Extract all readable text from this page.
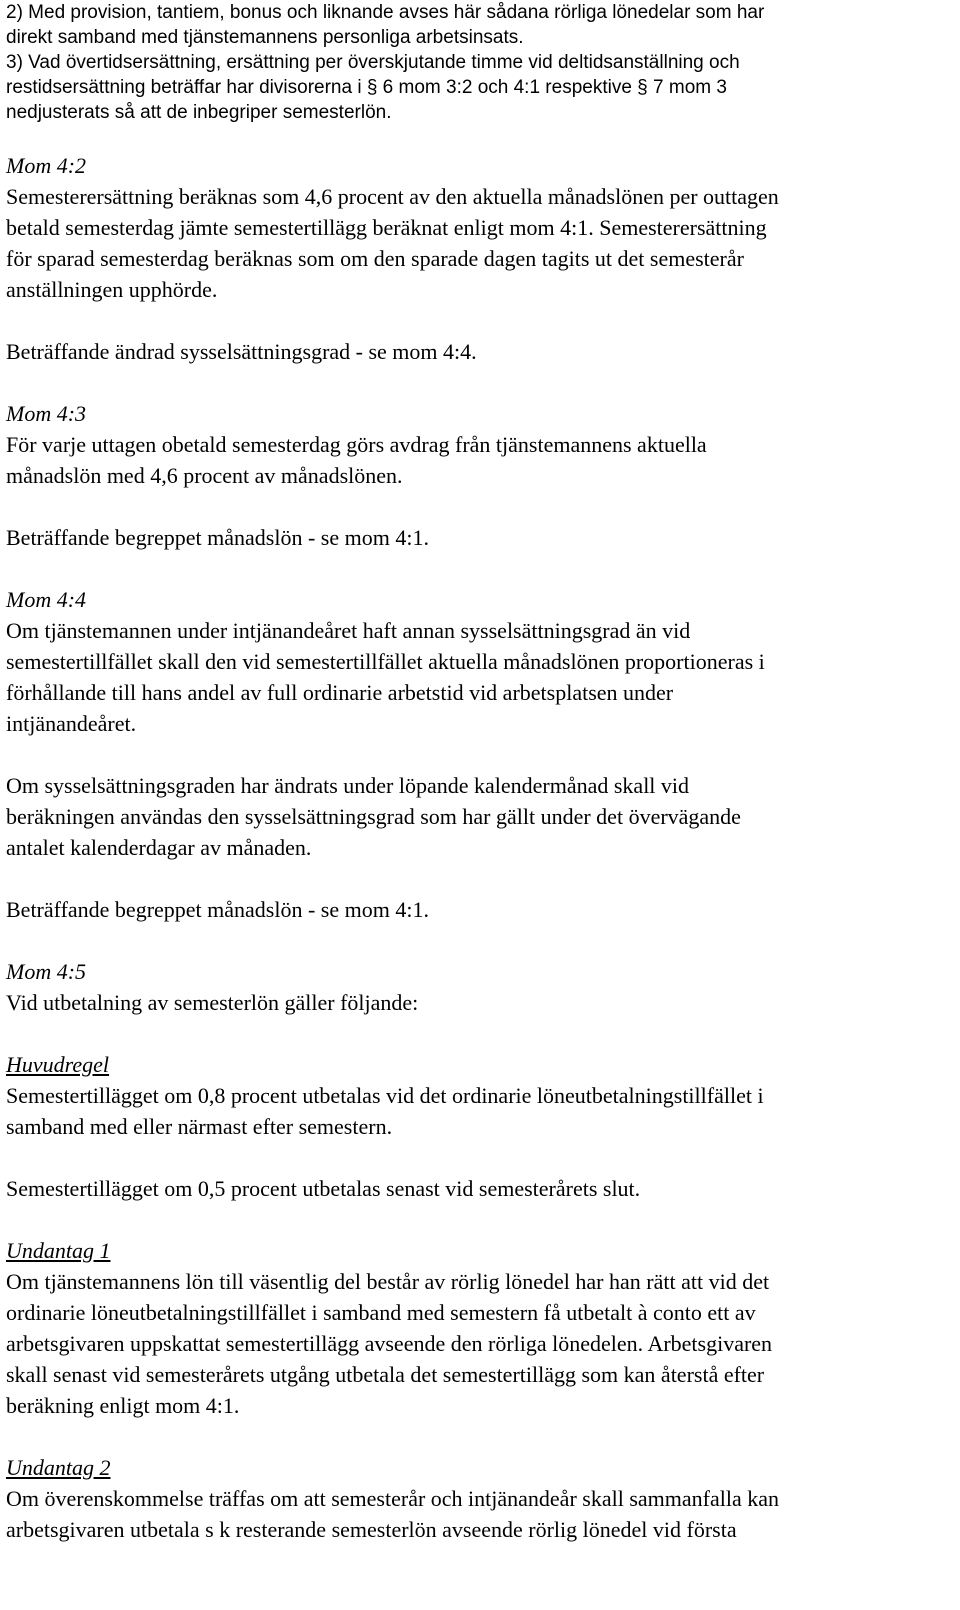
2) Med provision, tantiem, bonus och liknande avses här sådana rörliga lönedelar som har
direkt samband med tjänstemannens personliga arbetsinsats.

3) Vad övertidsersättning, ersättning per överskjutande timme vid deltidsanställning och
restidsersättning beträffar har divisorerna i § 6 mom 3:2 och 4:1 respektive § 7 mom 3
nedjusterats så att de inbegriper semesterlön.

Mom 4:2

Semesterersättning beräknas som 4,6 procent av den aktuella månadslönen per outtagen
betald semesterdag jämte semestertillägg beräknat enligt mom 4:1. Semesterersättning
för sparad semesterdag beräknas som om den sparade dagen tagits ut det semesterår
anställningen upphörde.

Beträffande ändrad sysselsättningsgrad - se mom 4:4.

Mom 4:3

För varje uttagen obetald semesterdag görs avdrag från tjänstemannens aktuella
månadslön med 4,6 procent av månadslönen.

Beträffande begreppet månadslön - se mom 4:1.

Mom 4:4

Om tjänstemannen under intjänandeåret haft annan sysselsättningsgrad än vid
semestertillfället skall den vid semestertillfället aktuella månadslönen proportioneras i
förhållande till hans andel av full ordinarie arbetstid vid arbetsplatsen under
intjänandeåret.

Om sysselsättningsgraden har ändrats under löpande kalendermånad skall vid
beräkningen användas den sysselsättningsgrad som har gällt under det övervägande
antalet kalenderdagar av månaden.

Beträffande begreppet månadslön - se mom 4:1.

Mom 4:5

Vid utbetalning av semesterlön gäller följande:

Huvudregel

Semestertillägget om 0,8 procent utbetalas vid det ordinarie löneutbetalningstillfället i
samband med eller närmast efter semestern.

Semestertillägget om 0,5 procent utbetalas senast vid semesterårets slut.

Undantag 1

Om tjänstemannens lön till väsentlig del består av rörlig lönedel har han rätt att vid det
ordinarie löneutbetalningstillfället i samband med semestern få utbetalt à conto ett av
arbetsgivaren uppskattat semestertillägg avseende den rörliga lönedelen. Arbetsgivaren
skall senast vid semesterårets utgång utbetala det semestertillägg som kan återstå efter
beräkning enligt mom 4:1.

Undantag 2

Om överenskommelse träffas om att semesterår och intjänandeår skall sammanfalla kan
arbetsgivaren utbetala s k resterande semesterlön avseende rörlig lönedel vid första
